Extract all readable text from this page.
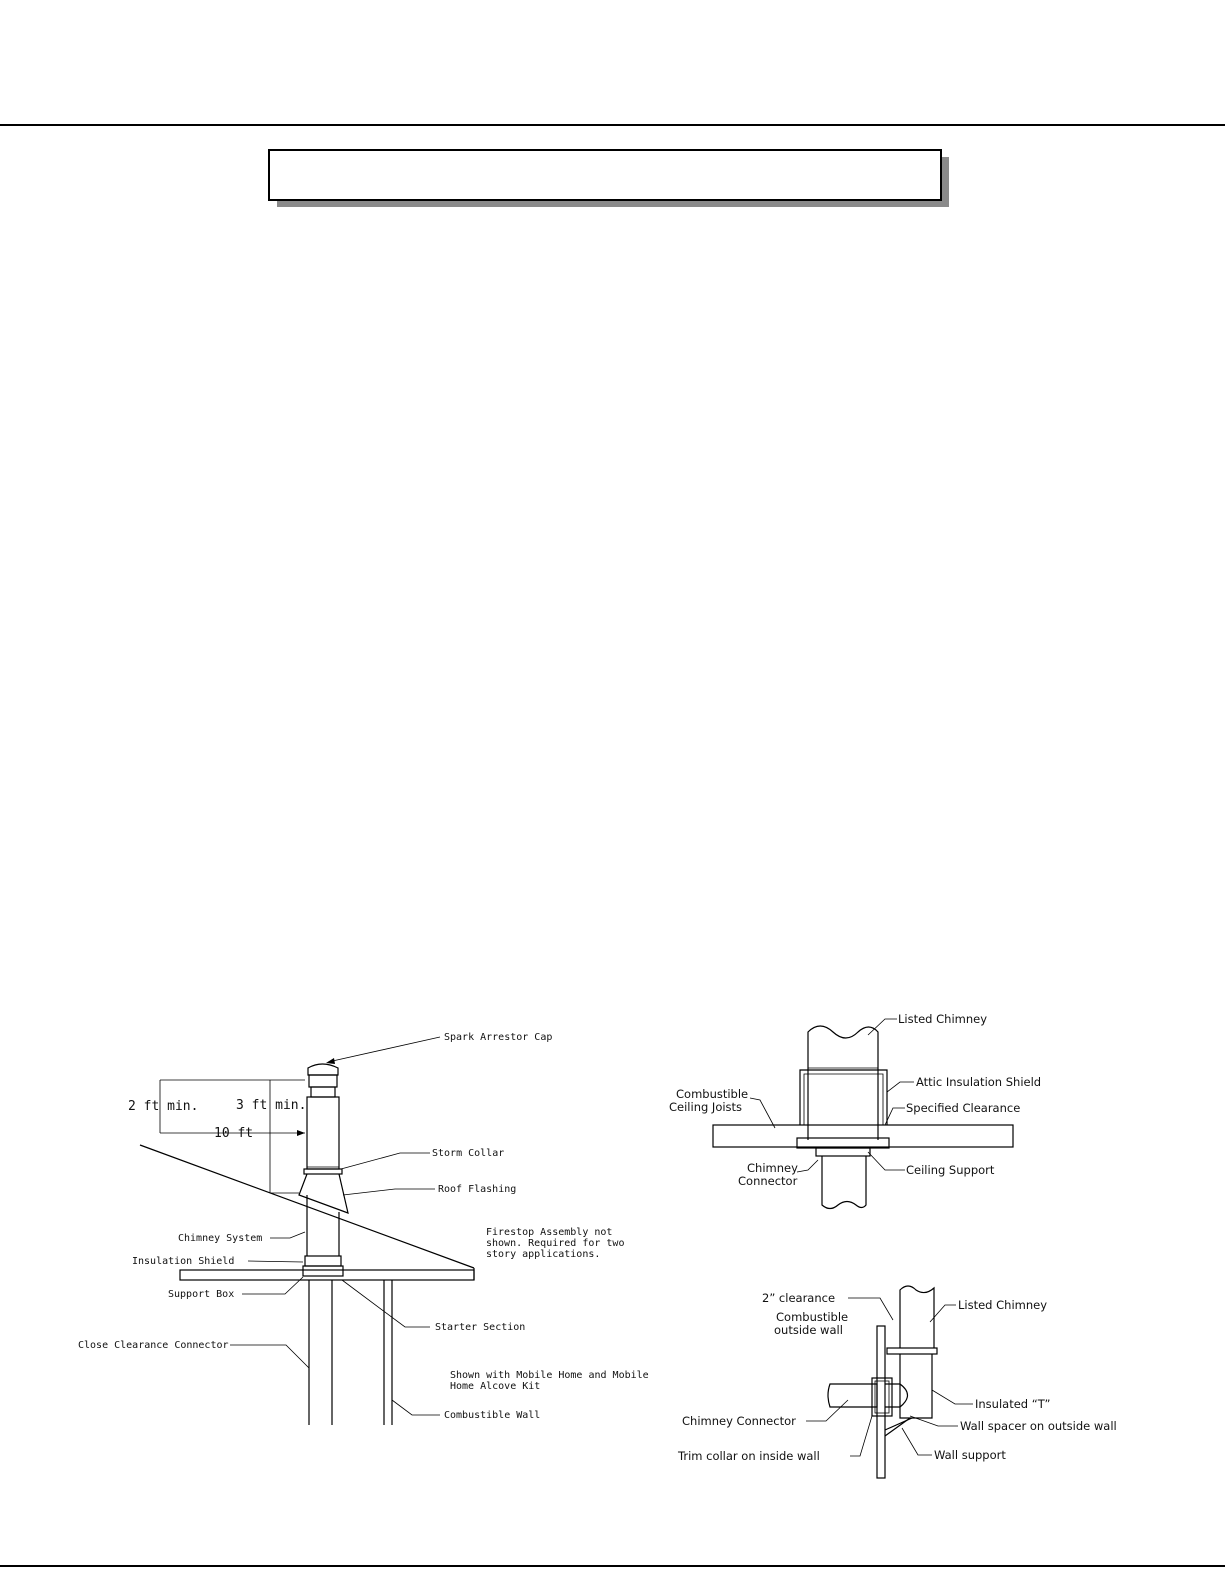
Spark Arrestor Cap
2 ft min.	3 ft min.
10 ft
Storm Collar
Roof Flashing
Chimney System
Firestop Assembly not
shown. Required for two
story applications.
Insulation Shield
Support Box
Starter Section
Close Clearance Connector
Shown with Mobile Home and Mobile
Home Alcove Kit
Combustible Wall
Listed Chimney
Attic Insulation Shield
Combustible
Ceiling Joists	Specified Clearance
Chimney
Connector
Ceiling Support
2” clearance	Listed Chimney
Combustible
outside wall
Insulated “T”
Chimney Connector	Wall spacer on outside wall
Trim collar on inside wall	Wall support
